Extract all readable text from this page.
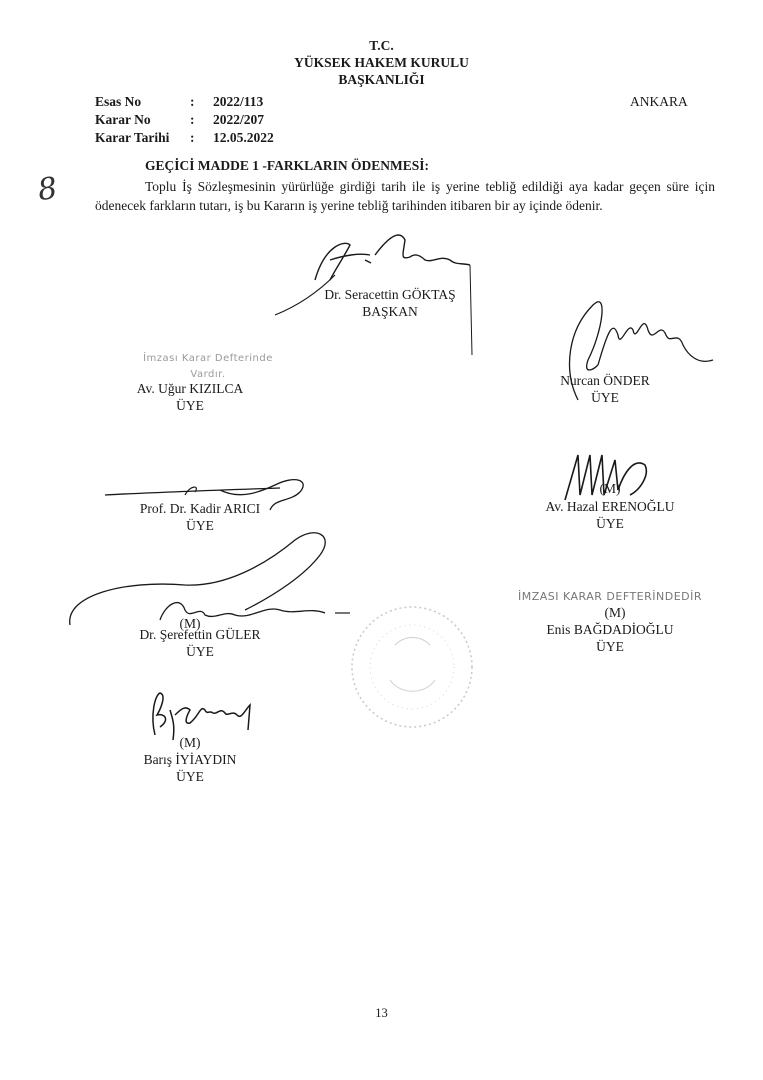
T.C.
YÜKSEK HAKEM KURULU
BAŞKANLIĞI
Esas No	: 2022/113
Karar No	: 2022/207
Karar Tarihi : 12.05.2022
ANKARA
8
GEÇİCİ MADDE 1 -FARKLARIN ÖDENMESİ:
Toplu İş Sözleşmesinin yürürlüğe girdiği tarih ile iş yerine tebliğ edildiği aya kadar geçen süre için ödenecek farkların tutarı, iş bu Kararın iş yerine tebliğ tarihinden itibaren bir ay içinde ödenir.
Dr. Seracettin GÖKTAŞ
BAŞKAN
İmzası Karar Defterinde Vardır.
Av. Uğur KIZILCA
ÜYE
Nurcan ÖNDER
ÜYE
Prof. Dr. Kadir ARICI
ÜYE
(M)
Av. Hazal ERENOĞLU
ÜYE
(M)
Dr. Şerefettin GÜLER
ÜYE
İMZASI KARAR DEFTERİNDEDİR
(M)
Enis BAĞDADİOĞLU
ÜYE
(M)
Barış İYİAYDIN
ÜYE
13
